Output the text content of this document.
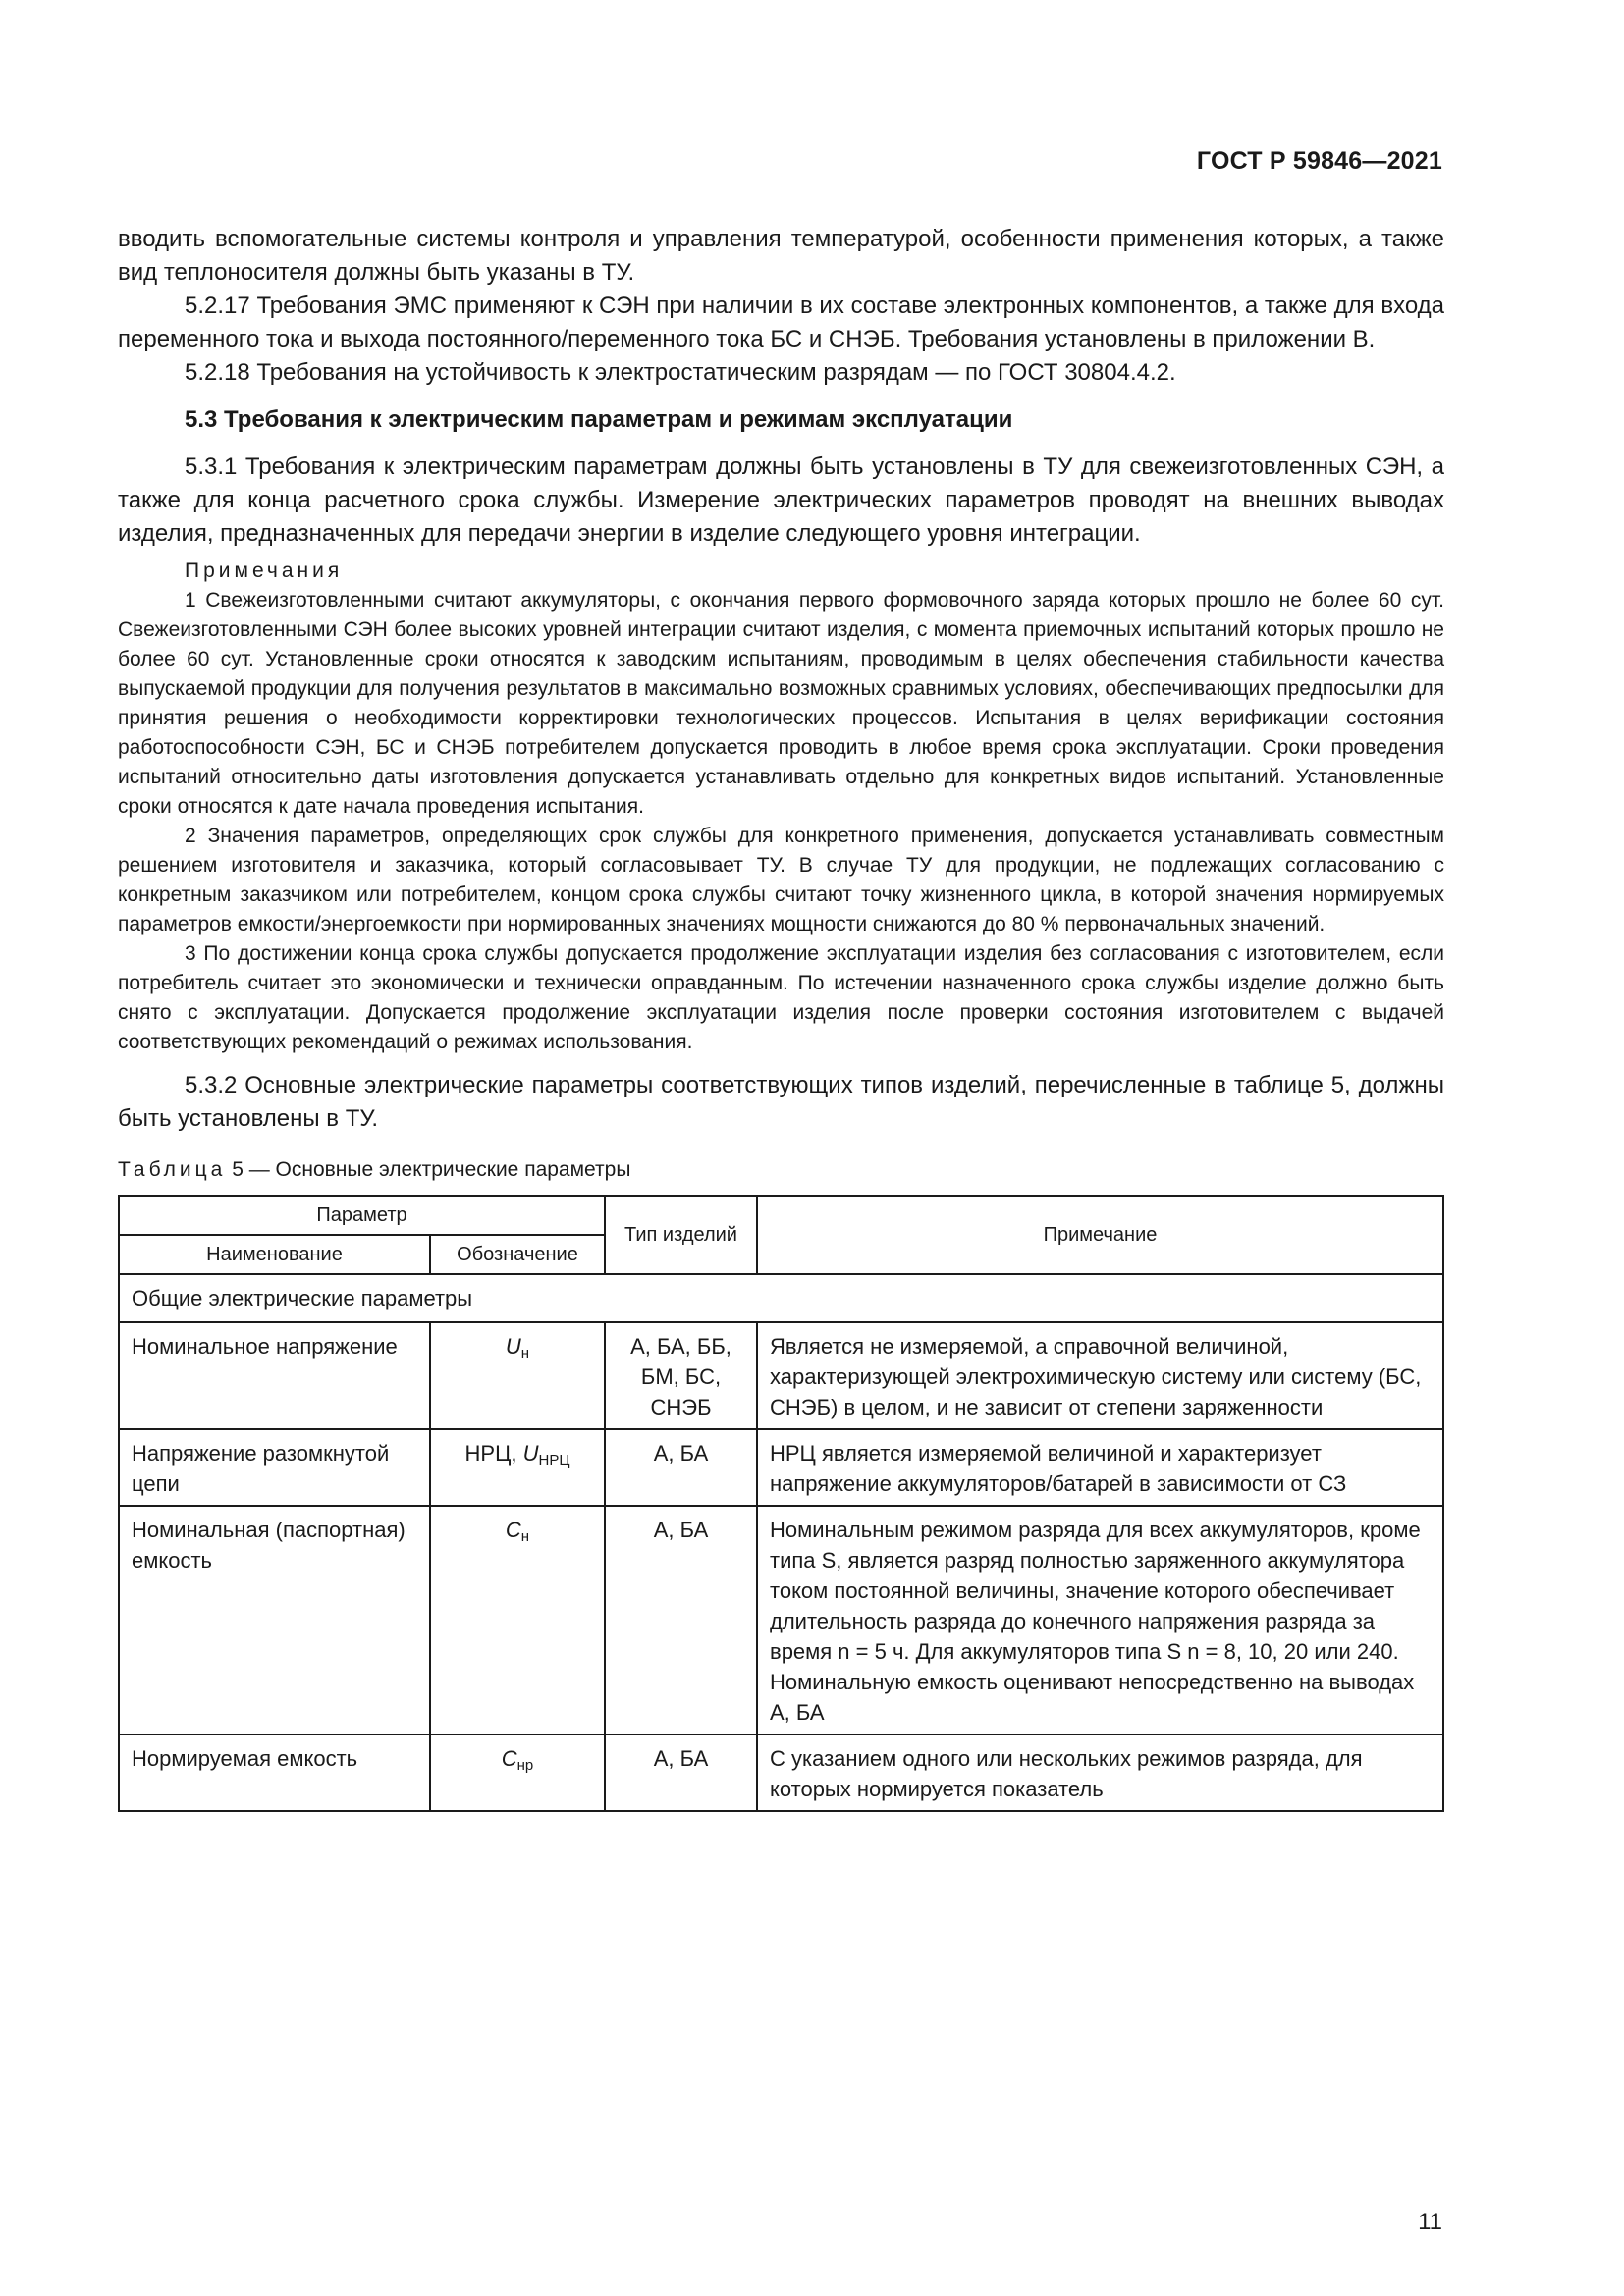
ГОСТ Р 59846—2021

вводить вспомогательные системы контроля и управления температурой, особенности применения которых, а также вид теплоносителя должны быть указаны в ТУ.

5.2.17 Требования ЭМС применяют к СЭН при наличии в их составе электронных компонентов, а также для входа переменного тока и выхода постоянного/переменного тока БС и СНЭБ. Требования установлены в приложении В.

5.2.18 Требования на устойчивость к электростатическим разрядам — по ГОСТ 30804.4.2.

5.3 Требования к электрическим параметрам и режимам эксплуатации

5.3.1 Требования к электрическим параметрам должны быть установлены в ТУ для свежеизготовленных СЭН, а также для конца расчетного срока службы. Измерение электрических параметров проводят на внешних выводах изделия, предназначенных для передачи энергии в изделие следующего уровня интеграции.

Примечания

1 Свежеизготовленными считают аккумуляторы, с окончания первого формовочного заряда которых прошло не более 60 сут. Свежеизготовленными СЭН более высоких уровней интеграции считают изделия, с момента приемочных испытаний которых прошло не более 60 сут. Установленные сроки относятся к заводским испытаниям, проводимым в целях обеспечения стабильности качества выпускаемой продукции для получения результатов в максимально возможных сравнимых условиях, обеспечивающих предпосылки для принятия решения о необходимости корректировки технологических процессов. Испытания в целях верификации состояния работоспособности СЭН, БС и СНЭБ потребителем допускается проводить в любое время срока эксплуатации. Сроки проведения испытаний относительно даты изготовления допускается устанавливать отдельно для конкретных видов испытаний. Установленные сроки относятся к дате начала проведения испытания.

2 Значения параметров, определяющих срок службы для конкретного применения, допускается устанавливать совместным решением изготовителя и заказчика, который согласовывает ТУ. В случае ТУ для продукции, не подлежащих согласованию с конкретным заказчиком или потребителем, концом срока службы считают точку жизненного цикла, в которой значения нормируемых параметров емкости/энергоемкости при нормированных значениях мощности снижаются до 80 % первоначальных значений.

3 По достижении конца срока службы допускается продолжение эксплуатации изделия без согласования с изготовителем, если потребитель считает это экономически и технически оправданным. По истечении назначенного срока службы изделие должно быть снято с эксплуатации. Допускается продолжение эксплуатации изделия после проверки состояния изготовителем с выдачей соответствующих рекомендаций о режимах использования.

5.3.2 Основные электрические параметры соответствующих типов изделий, перечисленные в таблице 5, должны быть установлены в ТУ.

Таблица 5 — Основные электрические параметры

Параметр		Тип изделий	Примечание
Наименование	Обозначение		
Общие электрические параметры			
Номинальное напряжение	$U_н$	А, БА, ББ, БМ, БС, СНЭБ	Является не измеряемой, а справочной величиной, характеризующей электрохимическую систему или систему (БС, СНЭБ) в целом, и не зависит от степени заряженности
Напряжение разомкнутой цепи	НРЦ, $U_{НРЦ}$	А, БА	НРЦ является измеряемой величиной и характеризует напряжение аккумуляторов/батарей в зависимости от СЗ
Номинальная (паспортная) емкость	$C_н$	А, БА	Номинальным режимом разряда для всех аккумуляторов, кроме типа S, является разряд полностью заряженного аккумулятора током постоянной величины, значение которого обеспечивает длительность разряда до конечного напряжения разряда за время n = 5 ч. Для аккумуляторов типа S n = 8, 10, 20 или 240. Номинальную емкость оценивают непосредственно на выводах А, БА
Нормируемая емкость	$C_{нр}$	А, БА	С указанием одного или нескольких режимов разряда, для которых нормируется показатель
11
